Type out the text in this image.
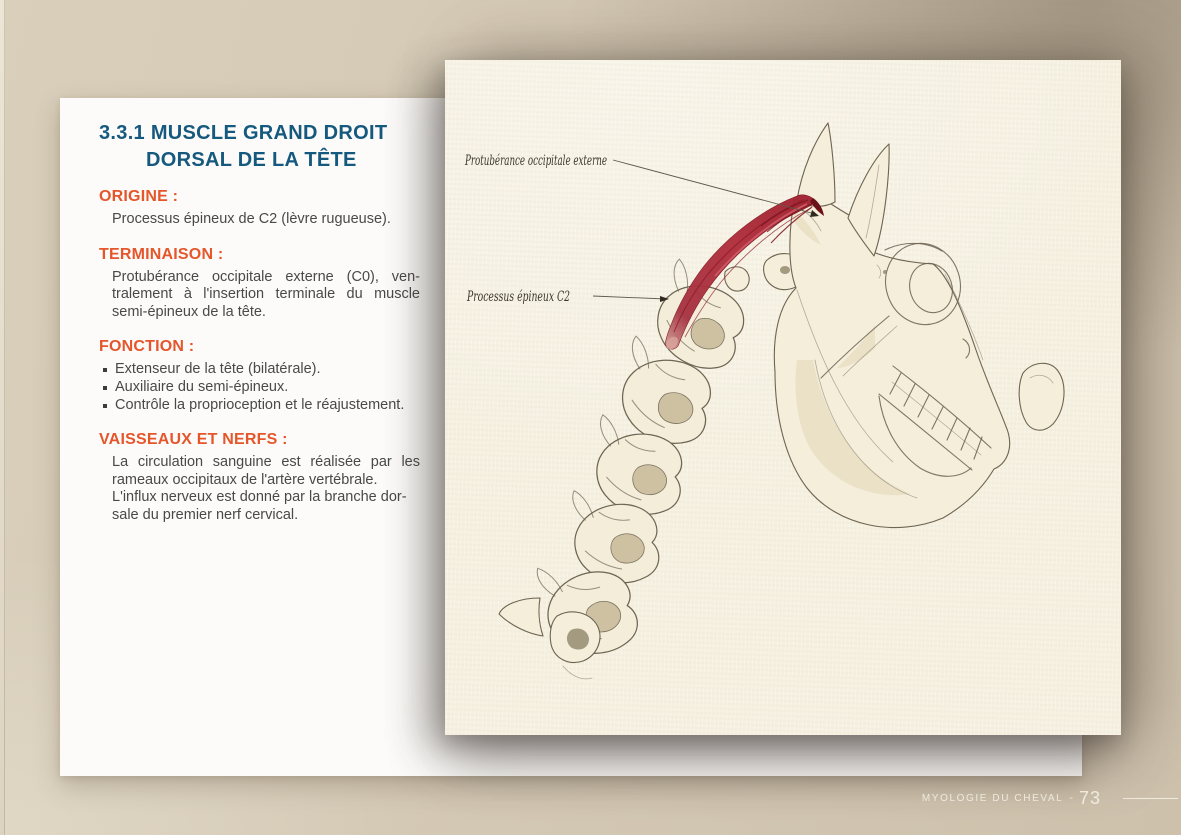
3.3.1 MUSCLE GRAND DROIT
DORSAL DE LA TÊTE
ORIGINE :
Processus épineux de C2 (lèvre rugueuse).
TERMINAISON :
Protubérance occipitale externe (C0), ven-
tralement à l'insertion terminale du muscle
semi-épineux de la tête.
FONCTION :
Extenseur de la tête (bilatérale).
Auxiliaire du semi-épineux.
Contrôle la proprioception et le réajustement.
VAISSEAUX ET NERFS :
La circulation sanguine est réalisée par les
rameaux occipitaux de l'artère vertébrale.
L'influx nerveux est donné par la branche dor-
sale du premier nerf cervical.
Protubérance occipitale externe
Processus épineux C2
MYOLOGIE DU CHEVAL - 73
